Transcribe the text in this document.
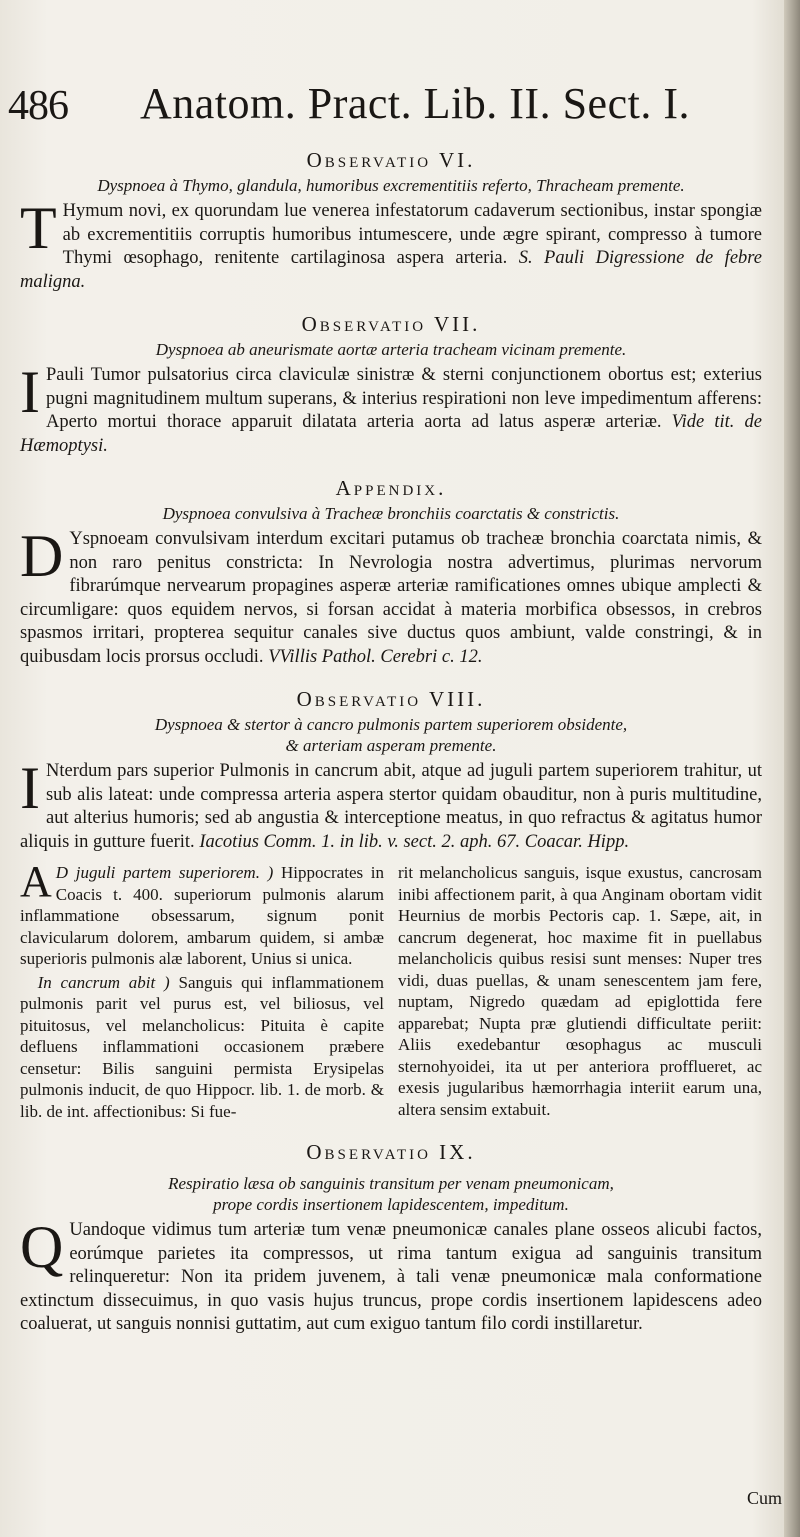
486 Anatom. Pract. Lib. II. Sect. I.
Observatio VI.
Dyspnoea à Thymo, glandula, humoribus excrementitiis referto, Thracheam premente.

T Hymum novi, ex quorundam lue venerea infestatorum cadaverum sectionibus, instar spongiæ ab excrementitiis corruptis humoribus intumescere, unde ægre spirant, compresso à tumore Thymi œsophago, renitente cartilaginosa aspera arteria. S. Pauli Digressione de febre maligna.

Observatio VII.
Dyspnoea ab aneurismate aortæ arteria tracheam vicinam premente.

I Pauli Tumor pulsatorius circa claviculæ sinistræ & sterni conjunctionem obortus est; exterius pugni magnitudinem multum superans, & interius respirationi non leve impedimentum afferens: Aperto mortui thorace apparuit dilatata arteria aorta ad latus asperæ arteriæ. Vide tit. de Hæmoptysi.

Appendix.
Dyspnoea convulsiva à Tracheæ bronchiis coarctatis & constrictis.

D Yspnoeam convulsivam interdum excitari putamus ob tracheæ bronchia coarctata nimis, & non raro penitus constricta: In Nevrologia nostra advertimus, plurimas nervorum fibrarúmque nervearum propagines asperæ arteriæ ramificationes omnes ubique amplecti & circumligare: quos equidem nervos, si forsan accidat à materia morbifica obsessos, in crebros spasmos irritari, propterea sequitur canales sive ductus quos ambiunt, valde constringi, & in quibusdam locis prorsus occludi. VVillis Pathol. Cerebri c. 12.

Observatio VIII.
Dyspnoea & stertor à cancro pulmonis partem superiorem obsidente,
& arteriam asperam premente.

I Nterdum pars superior Pulmonis in cancrum abit, atque ad juguli partem superiorem trahitur, ut sub alis lateat: unde compressa arteria aspera stertor quidam obauditur, non à puris multitudine, aut alterius humoris; sed ab angustia & interceptione meatus, in quo refractus & agitatus humor aliquis in gutture fuerit. Iacotius Comm. 1. in lib. v. sect. 2. aph. 67. Coacar. Hipp.

A D juguli partem superiorem. ) Hippocrates in Coacis t. 400. superiorum pulmonis alarum inflammatione obsessarum, signum ponit clavicularum dolorem, ambarum quidem, si ambæ superioris pulmonis alæ laborent, Unius si unica.

In cancrum abit ) Sanguis qui inflammationem pulmonis parit vel purus est, vel biliosus, vel pituitosus, vel melancholicus: Pituita è capite defluens inflammationi occasionem præbere censetur: Bilis sanguini permista Erysipelas pulmonis inducit, de quo Hippocr. lib. 1. de morb. & lib. de int. affectionibus: Si fue-

rit melancholicus sanguis, isque exustus, cancrosam inibi affectionem parit, à qua Anginam obortam vidit Heurnius de morbis Pectoris cap. 1. Sæpe, ait, in cancrum degenerat, hoc maxime fit in puellabus melancholicis quibus resisi sunt menses: Nuper tres vidi, duas puellas, & unam senescentem jam fere, nuptam, Nigredo quædam ad epiglottida fere apparebat; Nupta præ glutiendi difficultate periit: Aliis exedebantur œsophagus ac musculi sternohyoidei, ita ut per anteriora profflueret, ac exesis jugularibus hæmorrhagia interiit earum una, altera sensim extabuit.

Observatio IX.
Respiratio læsa ob sanguinis transitum per venam pneumonicam,
prope cordis insertionem lapidescentem, impeditum.

Q Uandoque vidimus tum arteriæ tum venæ pneumonicæ canales plane osseos alicubi factos, eorúmque parietes ita compressos, ut rima tantum exigua ad sanguinis transitum relinqueretur: Non ita pridem juvenem, à tali venæ pneumonicæ mala conformatione extinctum dissecuimus, in quo vasis hujus truncus, prope cordis insertionem lapidescens adeo coaluerat, ut sanguis nonnisi guttatim, aut cum exiguo tantum filo cordi instillaretur.

Cum
